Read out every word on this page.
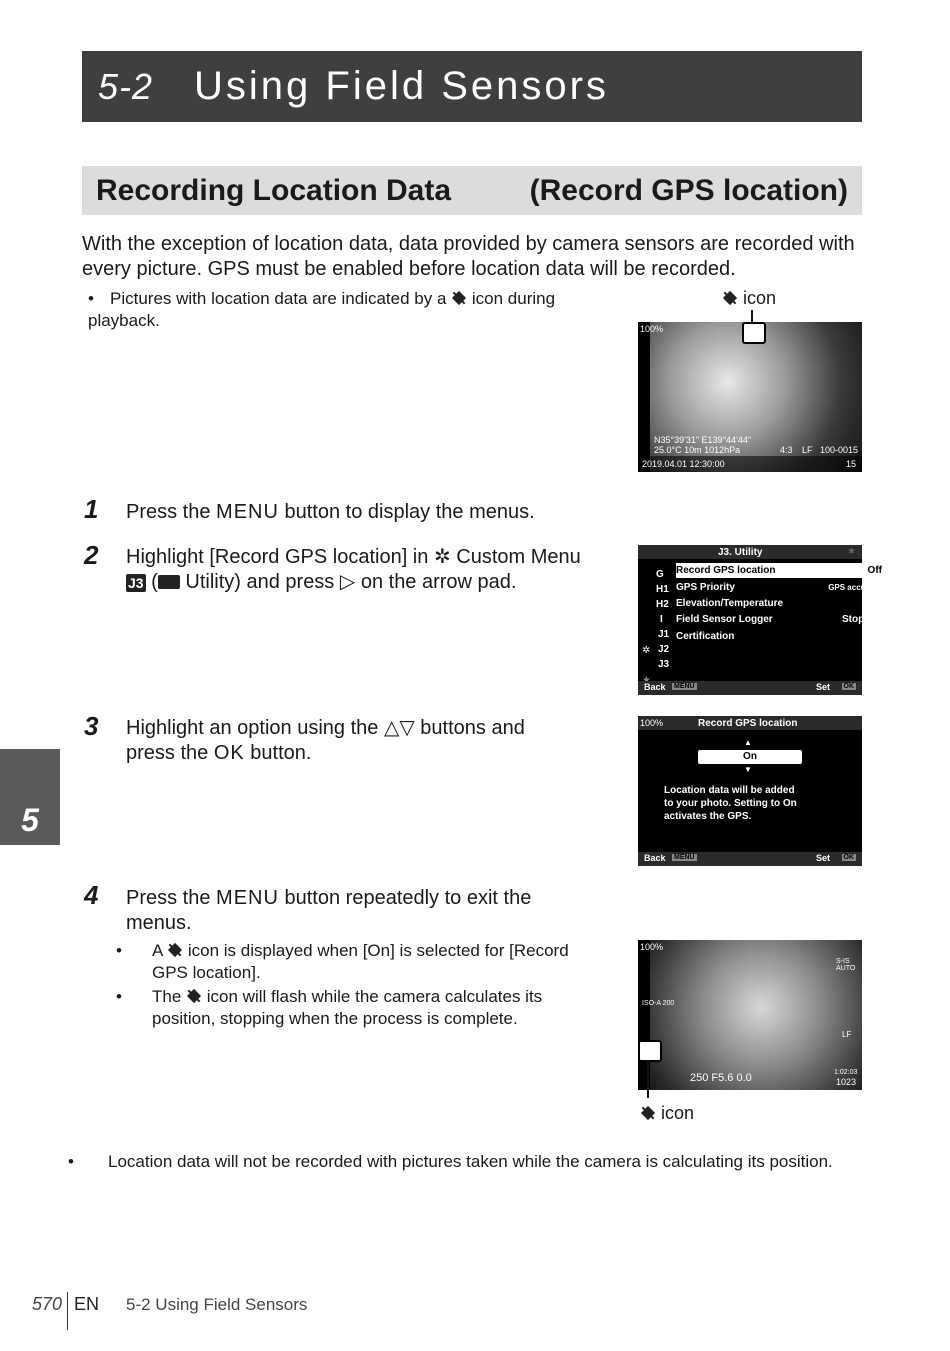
5-2	Using Field Sensors
Recording Location Data	(Record GPS location)
With the exception of location data, data provided by camera sensors are recorded with every picture. GPS must be enabled before location data will be recorded.
• Pictures with location data are indicated by a icon during playback.
icon
100%
N35°39'31" E139°44'44"
25.0°C 10m 1012hPa	4:3 LF 100-0015
2019.04.01 12:30:00	15
1 Press the MENU button to display the menus.
2 Highlight [Record GPS location] in ✲ Custom Menu
J3 ( Utility) and press ▷ on the arrow pad.
J3. Utility	★
G
H1
H2
I
J1
J2
J3
✲
Record GPS location	Off
GPS Priority	GPS accuracy
Elevation/Temperature
Field Sensor Logger	Stopped
Certification
Back MENU	Set OK
3 Highlight an option using the △▽ buttons and
press the OK button.
100%	Record GPS location
▲
On
▼
Location data will be added
to your photo. Setting to On
activates the GPS.
Back MENU	Set OK
5
4 Press the MENU button repeatedly to exit the
menus.
• A icon is displayed when [On] is selected for [Record
GPS location].
• The icon will flash while the camera calculates its
position, stopping when the process is complete.
100%
S-IS AUTO
ISO-A 200
LF
250 F5.6 0.0	1:02:03
1023
icon
• Location data will not be recorded with pictures taken while the camera is calculating its position.
570 EN 5-2 Using Field Sensors
